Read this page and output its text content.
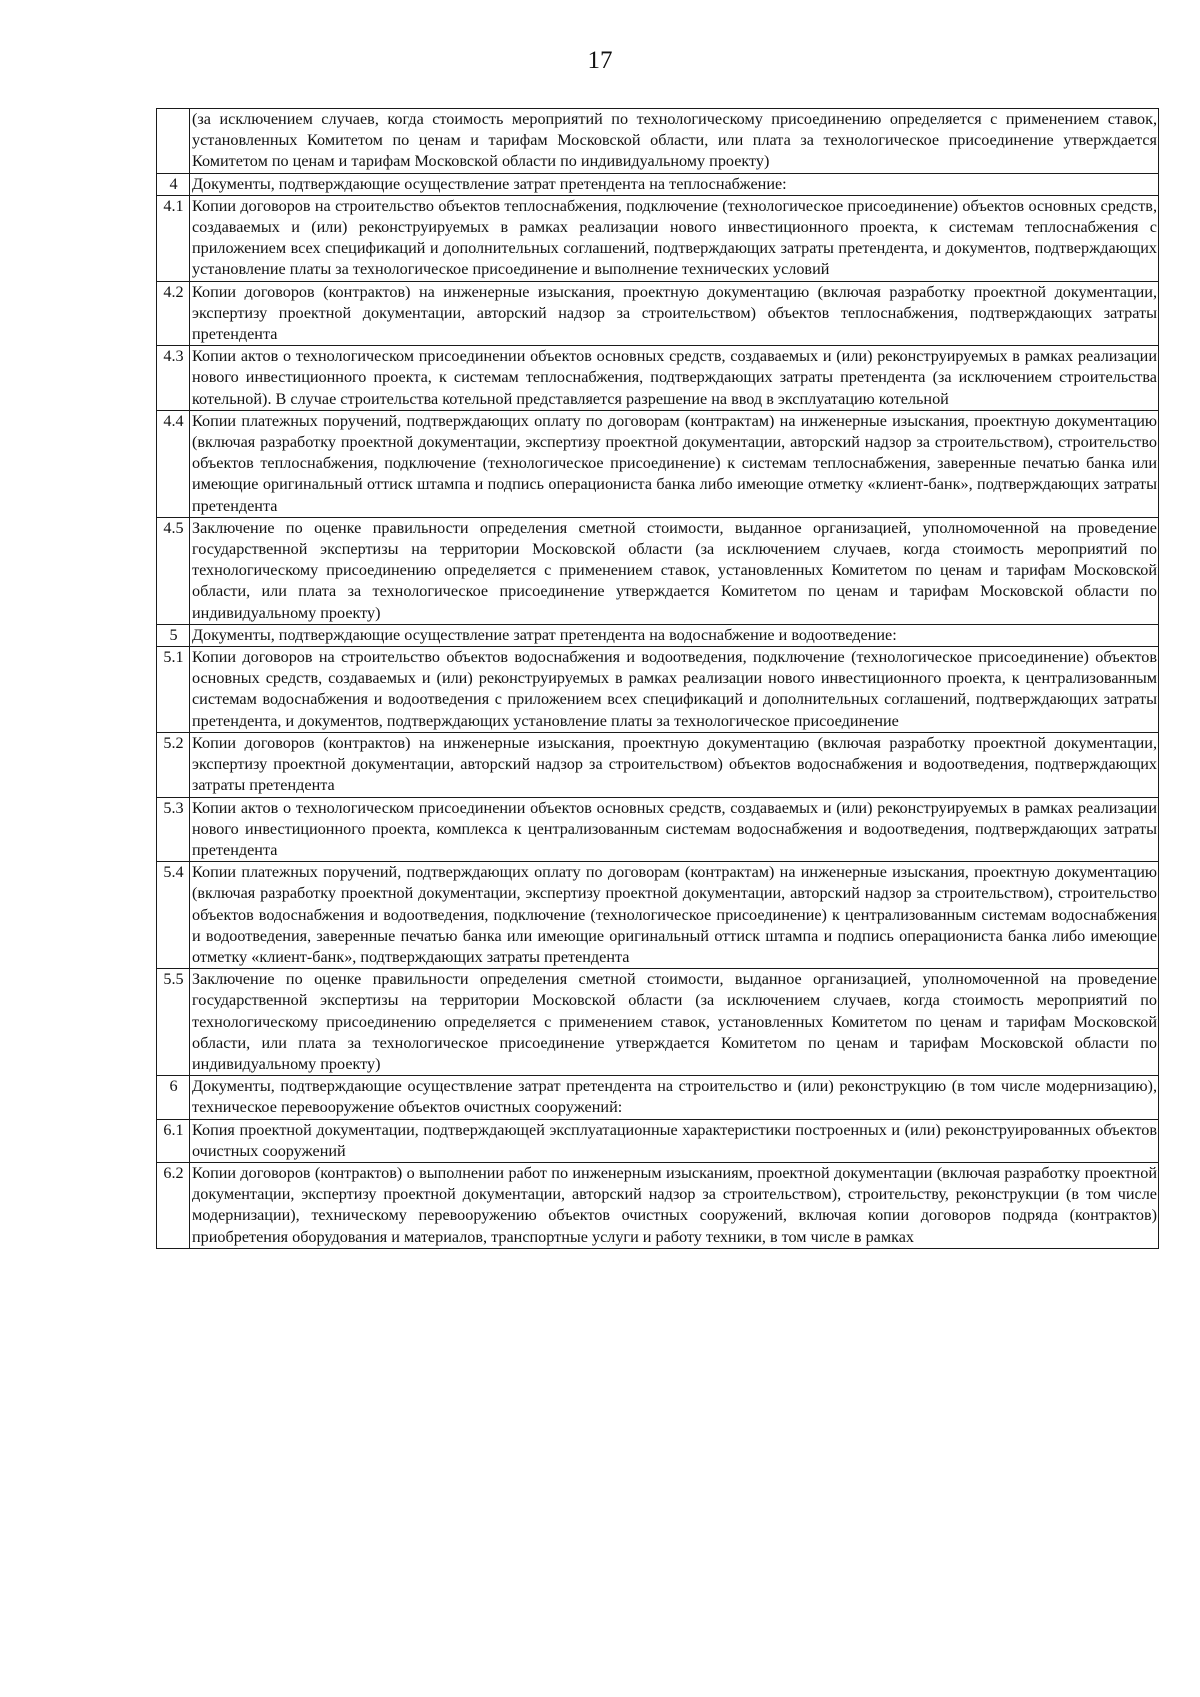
17
	(за исключением случаев, когда стоимость мероприятий по технологическому присоединению определяется с применением ставок, установленных Комитетом по ценам и тарифам Московской области, или плата за технологическое присоединение утверждается Комитетом по ценам и тарифам Московской области по индивидуальному проекту)
4	Документы, подтверждающие осуществление затрат претендента на теплоснабжение:
4.1	Копии договоров на строительство объектов теплоснабжения, подключение (технологическое присоединение) объектов основных средств, создаваемых и (или) реконструируемых в рамках реализации нового инвестиционного проекта, к системам теплоснабжения с приложением всех спецификаций и дополнительных соглашений, подтверждающих затраты претендента, и документов, подтверждающих установление платы за технологическое присоединение и выполнение технических условий
4.2	Копии договоров (контрактов) на инженерные изыскания, проектную документацию (включая разработку проектной документации, экспертизу проектной документации, авторский надзор за строительством) объектов теплоснабжения, подтверждающих затраты претендента
4.3	Копии актов о технологическом присоединении объектов основных средств, создаваемых и (или) реконструируемых в рамках реализации нового инвестиционного проекта, к системам теплоснабжения, подтверждающих затраты претендента (за исключением строительства котельной). В случае строительства котельной представляется разрешение на ввод в эксплуатацию котельной
4.4	Копии платежных поручений, подтверждающих оплату по договорам (контрактам) на инженерные изыскания, проектную документацию (включая разработку проектной документации, экспертизу проектной документации, авторский надзор за строительством), строительство объектов теплоснабжения, подключение (технологическое присоединение) к системам теплоснабжения, заверенные печатью банка или имеющие оригинальный оттиск штампа и подпись операциониста банка либо имеющие отметку «клиент-банк», подтверждающих затраты претендента
4.5	Заключение по оценке правильности определения сметной стоимости, выданное организацией, уполномоченной на проведение государственной экспертизы на территории Московской области (за исключением случаев, когда стоимость мероприятий по технологическому присоединению определяется с применением ставок, установленных Комитетом по ценам и тарифам Московской области, или плата за технологическое присоединение утверждается Комитетом по ценам и тарифам Московской области по индивидуальному проекту)
5	Документы, подтверждающие осуществление затрат претендента на водоснабжение и водоотведение:
5.1	Копии договоров на строительство объектов водоснабжения и водоотведения, подключение (технологическое присоединение) объектов основных средств, создаваемых и (или) реконструируемых в рамках реализации нового инвестиционного проекта, к централизованным системам водоснабжения и водоотведения с приложением всех спецификаций и дополнительных соглашений, подтверждающих затраты претендента, и документов, подтверждающих установление платы за технологическое присоединение
5.2	Копии договоров (контрактов) на инженерные изыскания, проектную документацию (включая разработку проектной документации, экспертизу проектной документации, авторский надзор за строительством) объектов водоснабжения и водоотведения, подтверждающих затраты претендента
5.3	Копии актов о технологическом присоединении объектов основных средств, создаваемых и (или) реконструируемых в рамках реализации нового инвестиционного проекта, комплекса к централизованным системам водоснабжения и водоотведения, подтверждающих затраты претендента
5.4	Копии платежных поручений, подтверждающих оплату по договорам (контрактам) на инженерные изыскания, проектную документацию (включая разработку проектной документации, экспертизу проектной документации, авторский надзор за строительством), строительство объектов водоснабжения и водоотведения, подключение (технологическое присоединение) к централизованным системам водоснабжения и водоотведения, заверенные печатью банка или имеющие оригинальный оттиск штампа и подпись операциониста банка либо имеющие отметку «клиент-банк», подтверждающих затраты претендента
5.5	Заключение по оценке правильности определения сметной стоимости, выданное организацией, уполномоченной на проведение государственной экспертизы на территории Московской области (за исключением случаев, когда стоимость мероприятий по технологическому присоединению определяется с применением ставок, установленных Комитетом по ценам и тарифам Московской области, или плата за технологическое присоединение утверждается Комитетом по ценам и тарифам Московской области по индивидуальному проекту)
6	Документы, подтверждающие осуществление затрат претендента на строительство и (или) реконструкцию (в том числе модернизацию), техническое перевооружение объектов очистных сооружений:
6.1	Копия проектной документации, подтверждающей эксплуатационные характеристики построенных и (или) реконструированных объектов очистных сооружений
6.2	Копии договоров (контрактов) о выполнении работ по инженерным изысканиям, проектной документации (включая разработку проектной документации, экспертизу проектной документации, авторский надзор за строительством), строительству, реконструкции (в том числе модернизации), техническому перевооружению объектов очистных сооружений, включая копии договоров подряда (контрактов) приобретения оборудования и материалов, транспортные услуги и работу техники, в том числе в рамках
